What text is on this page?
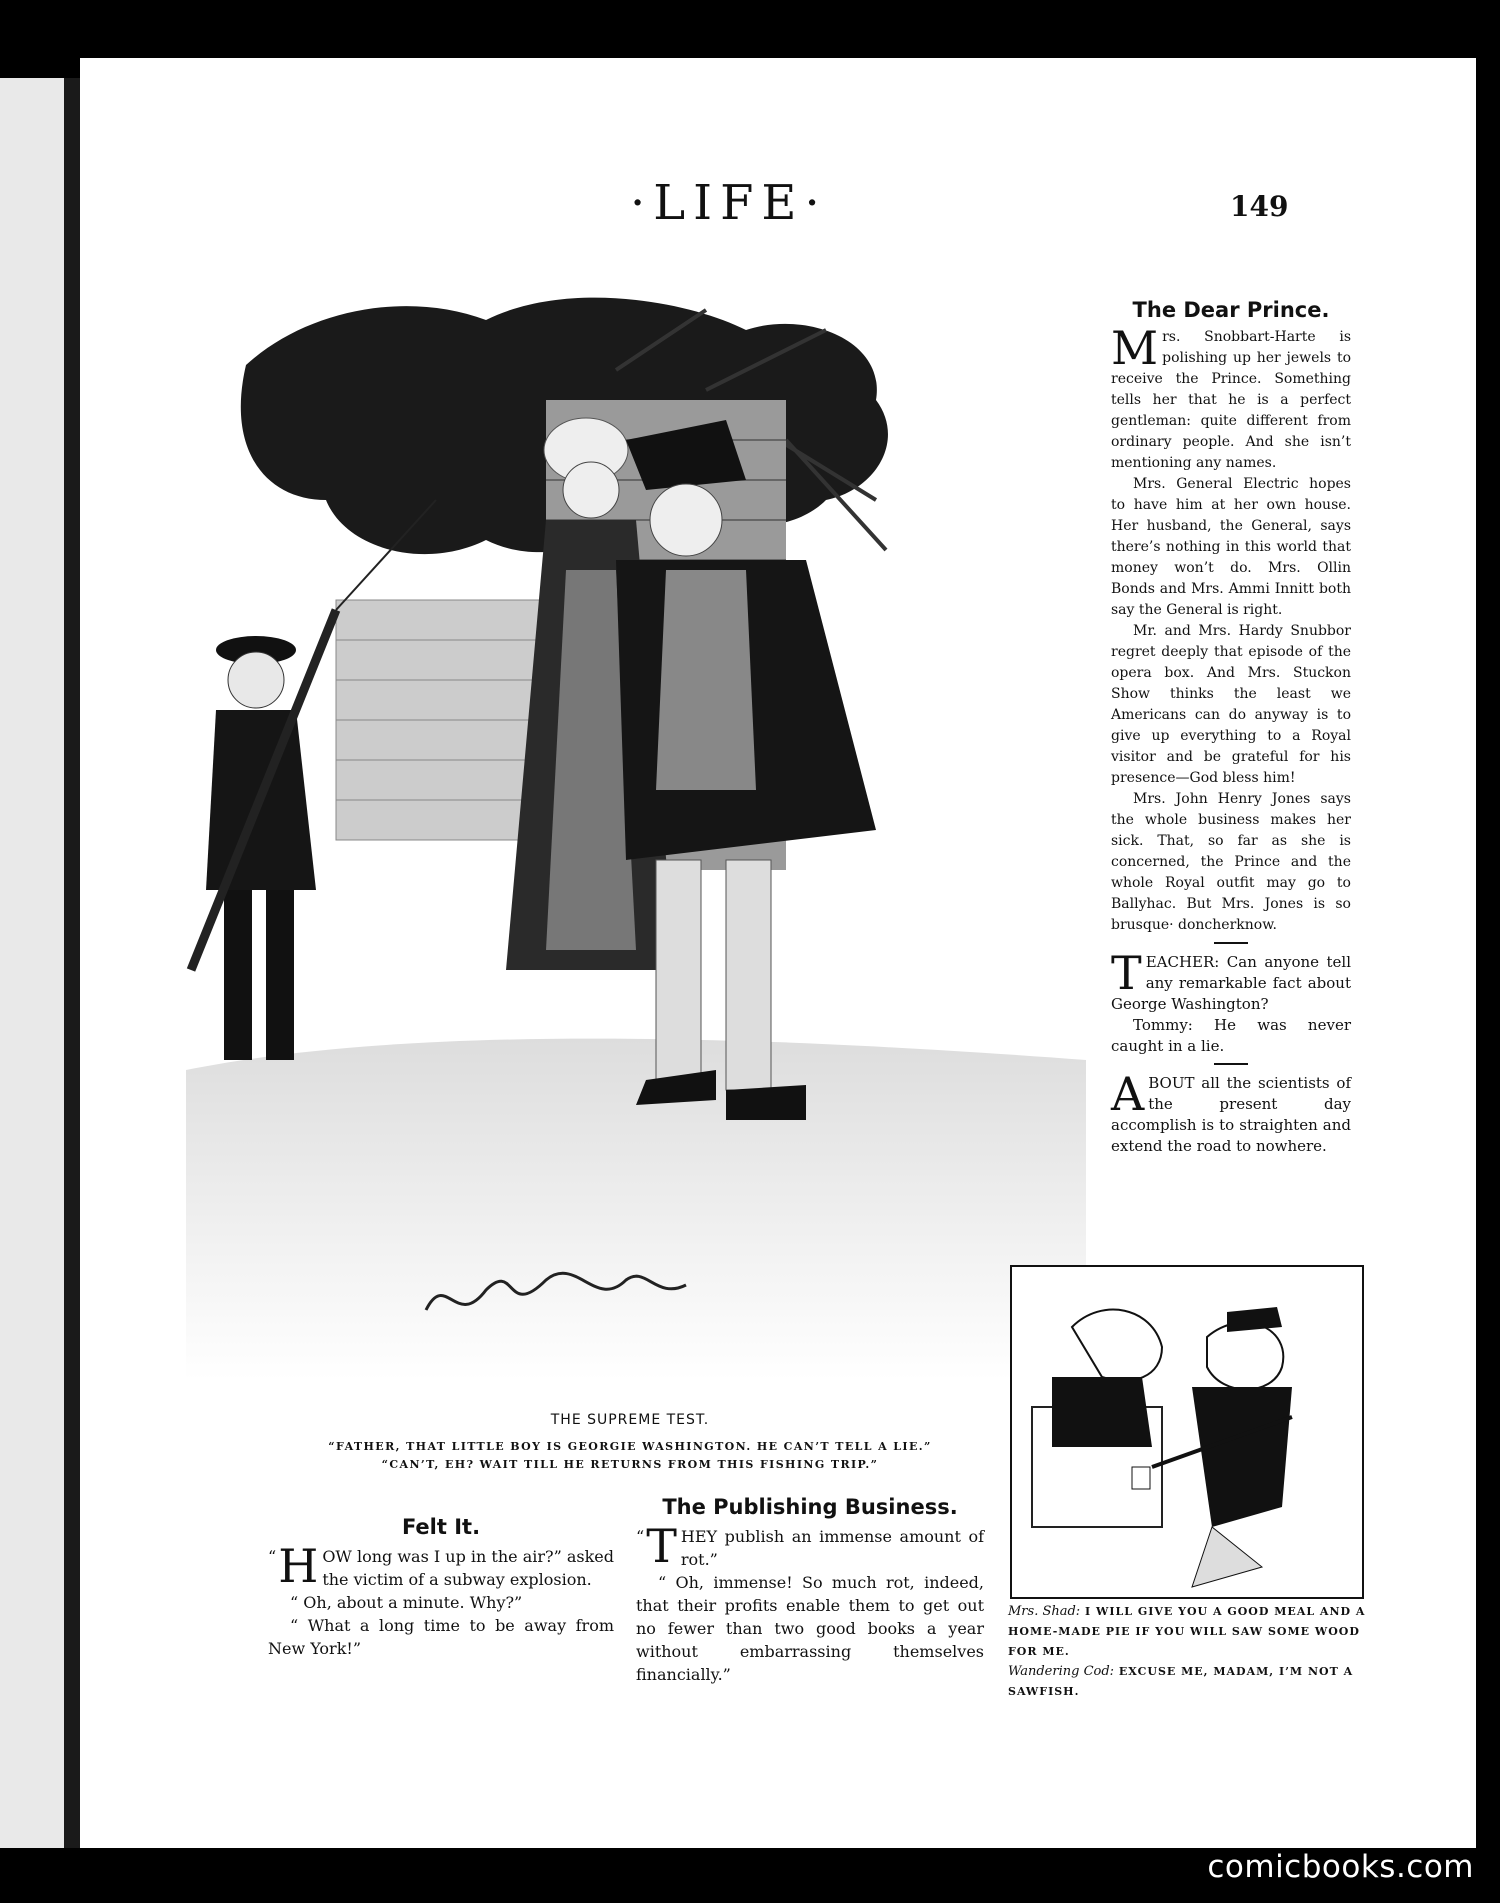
·LIFE·	149
THE SUPREME TEST.
“FATHER, THAT LITTLE BOY IS GEORGIE WASHINGTON. HE CAN’T TELL A LIE.”
“CAN’T, EH? WAIT TILL HE RETURNS FROM THIS FISHING TRIP.”
The Dear Prince.

Mrs. Snobbart-Harte is polishing up her jewels to receive the Prince. Something tells her that he is a perfect gentleman: quite different from ordinary people. And she isn’t mentioning any names.

Mrs. General Electric hopes to have him at her own house. Her husband, the General, says there’s nothing in this world that money won’t do. Mrs. Ollin Bonds and Mrs. Ammi Innitt both say the General is right.

Mr. and Mrs. Hardy Snubbor regret deeply that episode of the opera box. And Mrs. Stuckon Show thinks the least we Americans can do anyway is to give up everything to a Royal visitor and be grateful for his presence—God bless him!

Mrs. John Henry Jones says the whole business makes her sick. That, so far as she is concerned, the Prince and the whole Royal outfit may go to Ballyhac. But Mrs. Jones is so brusque· doncherknow.

TEACHER: Can anyone tell any remarkable fact about George Washington?

Tommy: He was never caught in a lie.

ABOUT all the scientists of the present day accomplish is to straighten and extend the road to nowhere.

Mrs. Shad: I WILL GIVE YOU A GOOD MEAL AND A HOME-MADE PIE IF YOU WILL SAW SOME WOOD FOR ME.
Wandering Cod: EXCUSE ME, MADAM, I’M NOT A SAWFISH.
Felt It.

“ H OW long was I up in the air?” asked the victim of a subway explosion.

“ Oh, about a minute. Why?”

“ What a long time to be away from New York!”

The Publishing Business.

“ T HEY publish an immense amount of rot.”

“ Oh, immense! So much rot, indeed, that their profits enable them to get out no fewer than two good books a year without embarrassing themselves financially.”

comicbooks.com
